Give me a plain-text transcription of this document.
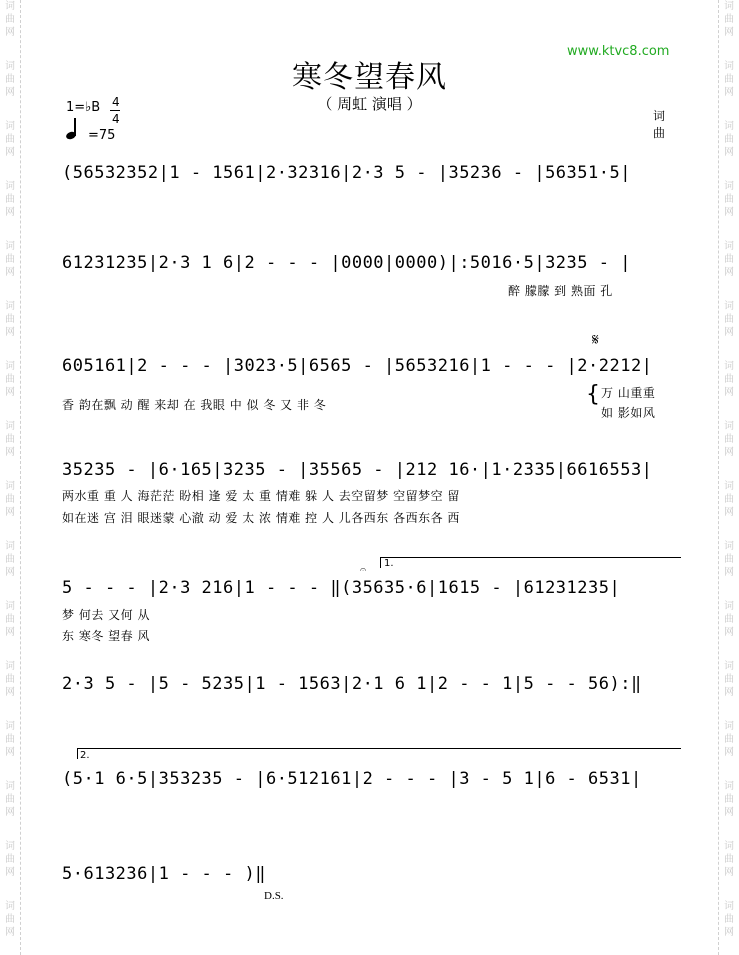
词曲网
词曲网
词曲网
词曲网
词曲网
词曲网
词曲网
词曲网
词曲网
词曲网
词曲网
词曲网
词曲网
词曲网
词曲网
词曲网
词曲网
词曲网
词曲网
词曲网
词曲网
词曲网
词曲网
词曲网
词曲网
词曲网
词曲网
词曲网
词曲网
词曲网
词曲网
词曲网
寒冬望春风
（ 周虹 演唱 ）
www.ktvc8.com
1=♭B 4
4
=75
词
曲
(56532352|1 - 1561|2·32316|2·3 5 - |35236 - |56351·5|
61231235|2·3 1 6|2 - - - |0000|0000)|:5016·5|3235 - |
醉 朦朦 到 熟面 孔
𝄋
605161|2 - - - |3023·5|6565 - |5653216|1 - - - |2·2212|
香 韵在飘 动 醒 来却 在 我眼 中 似 冬 又 非 冬	{ 万 山重重
如 影如风
35235 - |6·165|3235 - |35565 - |212 16·|1·2335|6616553|
两水重 重 人 海茫茫 盼相 逢 爱 太 重 情难 躲 人 去空留梦 空留梦空 留
如在迷 宫 泪 眼迷蒙 心澈 动 爱 太 浓 情难 控 人 儿各西东 各西东各 西
1.
𝄐
5 - - - |2·3 216|1 - - - ‖(35635·6|1615 - |61231235|
梦 何去 又何 从
东 寒冬 望春 风
2·3 5 - |5 - 5235|1 - 1563|2·1 6 1|2 - - 1|5 - - 56):‖
2.
(5·1 6·5|353235 - |6·512161|2 - - - |3 - 5 1|6 - 6531|
5·613236|1 - - - )‖
D.S.
